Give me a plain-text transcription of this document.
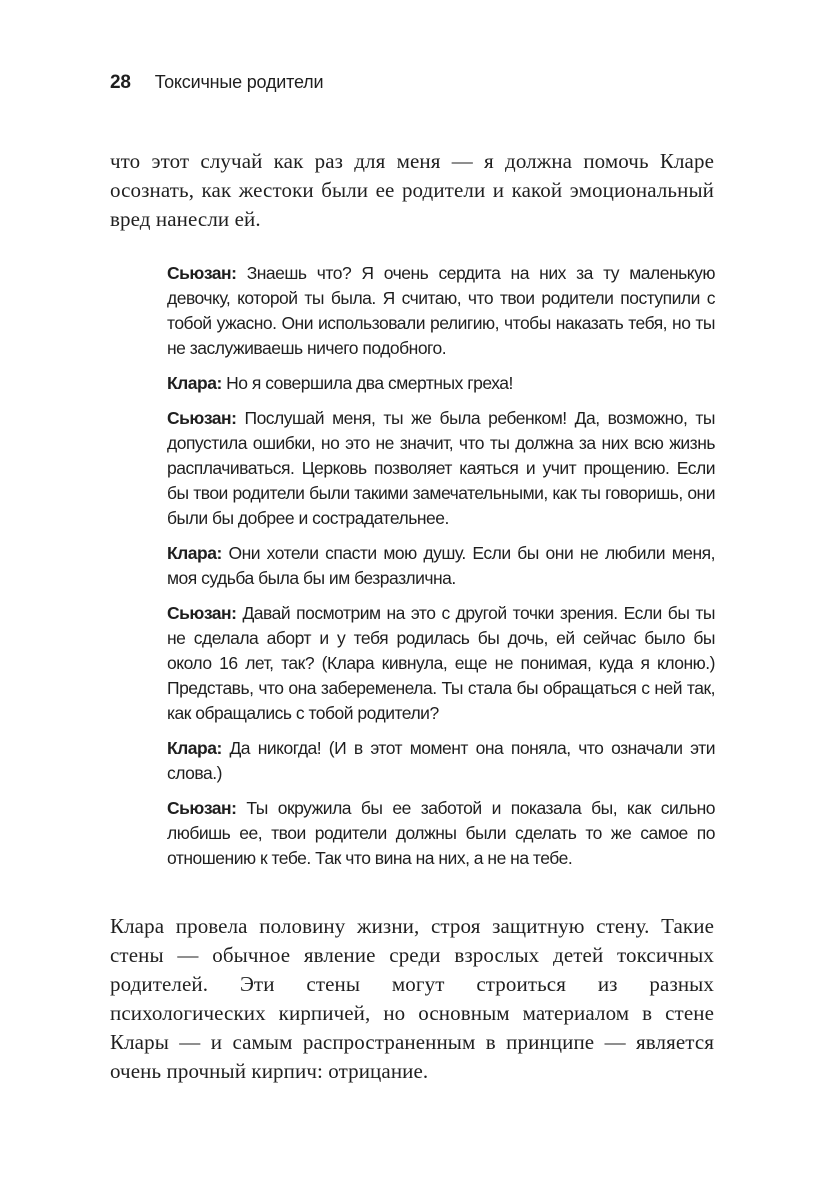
28 Токсичные родители

что этот случай как раз для меня — я должна помочь Кларе осознать, как жестоки были ее родители и какой эмоциональный вред нанесли ей.

Сьюзан: Знаешь что? Я очень сердита на них за ту маленькую девочку, которой ты была. Я считаю, что твои родители поступили с тобой ужасно. Они использовали религию, чтобы наказать тебя, но ты не заслуживаешь ничего подобного.

Клара: Но я совершила два смертных греха!

Сьюзан: Послушай меня, ты же была ребенком! Да, возможно, ты допустила ошибки, но это не значит, что ты должна за них всю жизнь расплачиваться. Церковь позволяет каяться и учит прощению. Если бы твои родители были такими замечательными, как ты говоришь, они были бы добрее и сострадательнее.

Клара: Они хотели спасти мою душу. Если бы они не любили меня, моя судьба была бы им безразлична.

Сьюзан: Давай посмотрим на это с другой точки зрения. Если бы ты не сделала аборт и у тебя родилась бы дочь, ей сейчас было бы около 16 лет, так? (Клара кивнула, еще не понимая, куда я клоню.) Представь, что она забеременела. Ты стала бы обращаться с ней так, как обращались с тобой родители?

Клара: Да никогда! (И в этот момент она поняла, что означали эти слова.)

Сьюзан: Ты окружила бы ее заботой и показала бы, как сильно любишь ее, твои родители должны были сделать то же самое по отношению к тебе. Так что вина на них, а не на тебе.

Клара провела половину жизни, строя защитную стену. Такие стены — обычное явление среди взрослых детей токсичных родителей. Эти стены могут строиться из разных психологических кирпичей, но основным материалом в стене Клары — и самым распространенным в принципе — является очень прочный кирпич: отрицание.
